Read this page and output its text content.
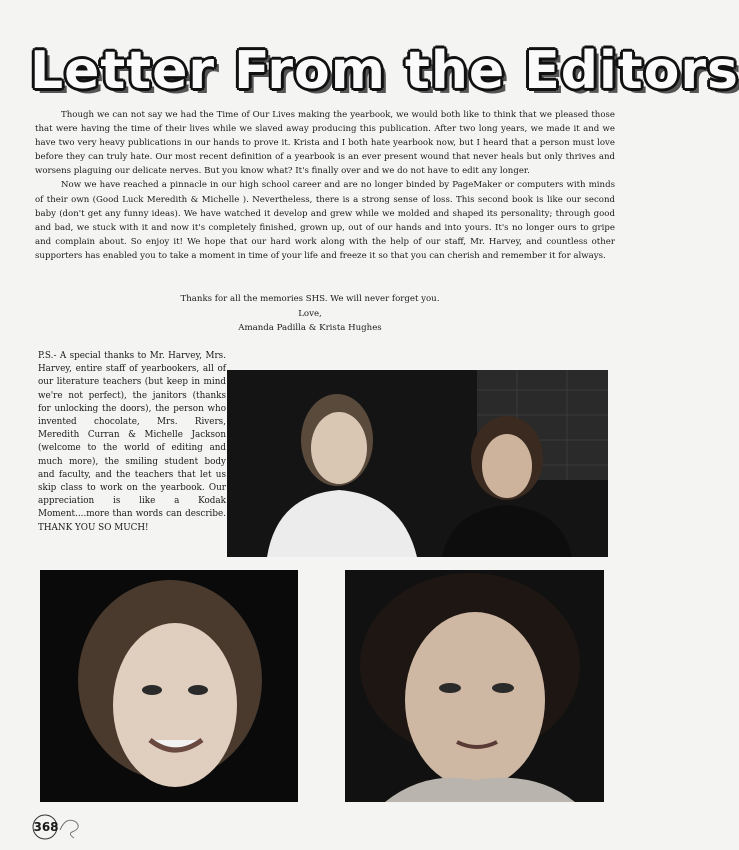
Letter From the Editors

Though we can not say we had the Time of Our Lives making the yearbook, we would both like to think that we pleased those that were having the time of their lives while we slaved away producing this publication. After two long years, we made it and we have two very heavy publications in our hands to prove it. Krista and I both hate yearbook now, but I heard that a person must love before they can truly hate. Our most recent definition of a yearbook is an ever present wound that never heals but only thrives and worsens plaguing our delicate nerves. But you know what? It's finally over and we do not have to edit any longer.

Now we have reached a pinnacle in our high school career and are no longer binded by PageMaker or computers with minds of their own (Good Luck Meredith & Michelle ). Nevertheless, there is a strong sense of loss. This second book is like our second baby (don't get any funny ideas). We have watched it develop and grew while we molded and shaped its personality; through good and bad, we stuck with it and now it's completely finished, grown up, out of our hands and into yours. It's no longer ours to gripe and complain about. So enjoy it! We hope that our hard work along with the help of our staff, Mr. Harvey, and countless other supporters has enabled you to take a moment in time of your life and freeze it so that you can cherish and remember it for always.

Thanks for all the memories SHS. We will never forget you.
Love,
Amanda Padilla & Krista Hughes
P.S.- A special thanks to Mr. Harvey, Mrs. Harvey, entire staff of yearbookers, all of our literature teachers (but keep in mind we're not perfect), the janitors (thanks for unlocking the doors), the person who invented chocolate, Mrs. Rivers, Meredith Curran & Michelle Jackson (welcome to the world of editing and much more), the smiling student body and faculty, and the teachers that let us skip class to work on the yearbook. Our appreciation is like a Kodak Moment....more than words can describe. THANK YOU SO MUCH!
368
